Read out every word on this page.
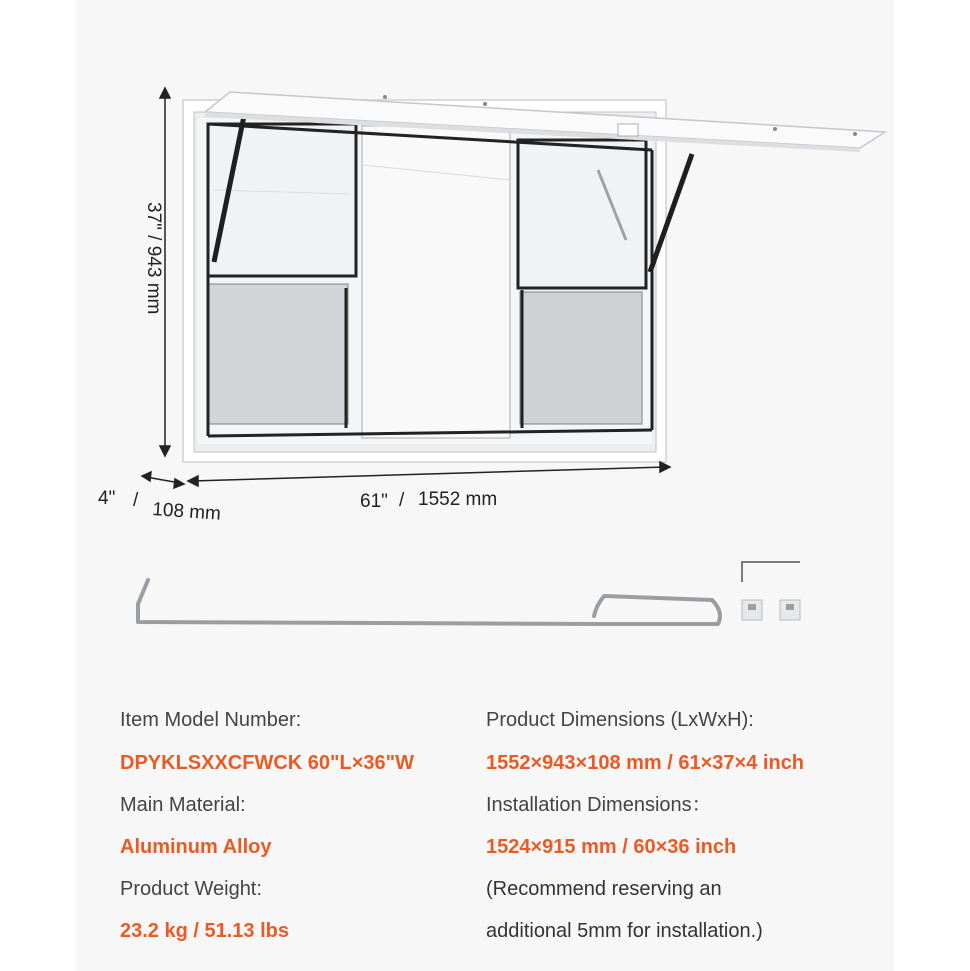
37" / 943 mm
4" / 108 mm	61" / 1552 mm
Item Model Number:
DPYKLSXXCFWCK 60"L×36"W
Main Material:
Aluminum Alloy
Product Weight:
23.2 kg / 51.13 lbs
Product Dimensions (LxWxH):
1552×943×108 mm / 61×37×4 inch
Installation Dimensions：
1524×915 mm / 60×36 inch
(Recommend reserving an
additional 5mm for installation.)
